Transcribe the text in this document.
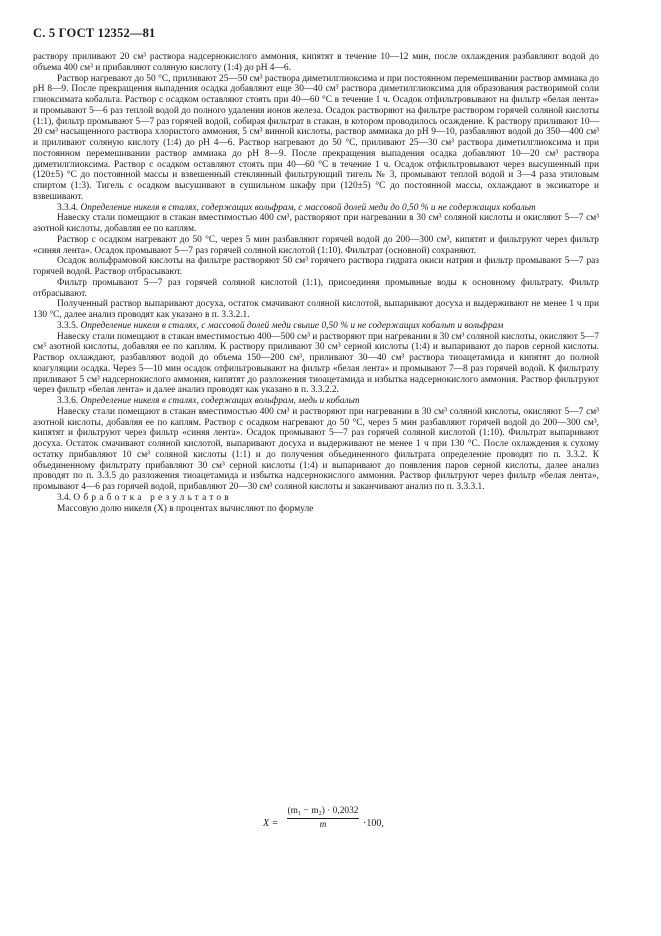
С. 5 ГОСТ 12352—81

раствору приливают 20 см³ раствора надсернокислого аммония, кипятят в течение 10—12 мин, после охлаждения разбавляют водой до объема 400 см³ и прибавляют соляную кислоту (1:4) до рН 4—6.

Раствор нагревают до 50 °С, приливают 25—50 см³ раствора диметилглиоксима и при постоянном перемешивании раствор аммиака до рН 8—9. После прекращения выпадения осадка добавляют еще 30—40 см³ раствора диметилглиоксима для образования растворимой соли глиоксимата кобальта. Раствор с осадком оставляют стоять при 40—60 °С в течение 1 ч. Осадок отфильтровывают на фильтр «белая лента» и промывают 5—6 раз теплой водой до полного удаления ионов железа. Осадок растворяют на фильтре раствором горячей соляной кислоты (1:1), фильтр промывают 5—7 раз горячей водой, собирая фильтрат в стакан, в котором проводилось осаждение. К раствору приливают 10—20 см³ насыщенного раствора хлористого аммония, 5 см³ винной кислоты, раствор аммиака до рН 9—10, разбавляют водой до 350—400 см³ и приливают соляную кислоту (1:4) до рН 4—6. Раствор нагревают до 50 °С, приливают 25—30 см³ раствора диметилглиоксима и при постоянном перемешивании раствор аммиака до рН 8—9. После прекращения выпадения осадка добавляют 10—20 см³ раствора диметилглиоксима. Раствор с осадком оставляют стоять при 40—60 °С в течение 1 ч. Осадок отфильтровывают через высушенный при (120±5) °С до постоянной массы и взвешенный стеклянный фильтрующий тигель № 3, промывают теплой водой и 3—4 раза этиловым спиртом (1:3). Тигель с осадком высушивают в сушильном шкафу при (120±5) °С до постоянной массы, охлаждают в эксикаторе и взвешивают.

3.3.4. Определение никеля в сталях, содержащих вольфрам, с массовой долей меди до 0,50 % и не содержащих кобальт

Навеску стали помещают в стакан вместимостью 400 см³, растворяют при нагревании в 30 см³ соляной кислоты и окисляют 5—7 см³ азотной кислоты, добавляя ее по каплям.

Раствор с осадком нагревают до 50 °С, через 5 мин разбавляют горячей водой до 200—300 см³, кипятят и фильтруют через фильтр «синяя лента». Осадок промывают 5—7 раз горячей соляной кислотой (1:10). Фильтрат (основной) сохраняют.

Осадок вольфрамовой кислоты на фильтре растворяют 50 см³ горячего раствора гидрата окиси натрия и фильтр промывают 5—7 раз горячей водой. Раствор отбрасывают.

Фильтр промывают 5—7 раз горячей соляной кислотой (1:1), присоединяя промывные воды к основному фильтрату. Фильтр отбрасывают.

Полученный раствор выпаривают досуха, остаток смачивают соляной кислотой, выпаривают досуха и выдерживают не менее 1 ч при 130 °С, далее анализ проводят как указано в п. 3.3.2.1.

3.3.5. Определение никеля в сталях, с массовой долей меди свыше 0,50 % и не содержащих кобальт и вольфрам

Навеску стали помещают в стакан вместимостью 400—500 см³ и растворяют при нагревании в 30 см³ соляной кислоты, окисляют 5—7 см³ азотной кислоты, добавляя ее по каплям. К раствору приливают 30 см³ серной кислоты (1:4) и выпаривают до паров серной кислоты. Раствор охлаждают, разбавляют водой до объема 150—200 см³, приливают 30—40 см³ раствора тиоацетамида и кипятят до полной коагуляции осадка. Через 5—10 мин осадок отфильтровывают на фильтр «белая лента» и промывают 7—8 раз горячей водой. К фильтрату приливают 5 см³ надсернокислого аммония, кипятят до разложения тиоацетамида и избытка надсернокислого аммония. Раствор фильтруют через фильтр «белая лента» и далее анализ проводят как указано в п. 3.3.2.2.

3.3.6. Определение никеля в сталях, содержащих вольфрам, медь и кобальт

Навеску стали помещают в стакан вместимостью 400 см³ и растворяют при нагревании в 30 см³ соляной кислоты, окисляют 5—7 см³ азотной кислоты, добавляя ее по каплям. Раствор с осадком нагревают до 50 °С, через 5 мин разбавляют горячей водой до 200—300 см³, кипятят и фильтруют через фильтр «синяя лента». Осадок промывают 5—7 раз горячей соляной кислотой (1:10). Фильтрат выпаривают досуха. Остаток смачивают соляной кислотой, выпаривают досуха и выдерживают не менее 1 ч при 130 °С. После охлаждения к сухому остатку прибавляют 10 см³ соляной кислоты (1:1) и до получения объединенного фильтрата определение проводят по п. 3.3.2. К объединенному фильтрату прибавляют 30 см³ серной кислоты (1:4) и выпаривают до появления паров серной кислоты, далее анализ проводят по п. 3.3.5 до разложения тиоацетамида и избытка надсернокислого аммония. Раствор фильтруют через фильтр «белая лента», промывают 4—6 раз горячей водой, прибавляют 20—30 см³ соляной кислоты и заканчивают анализ по п. 3.3.3.1.

3.4. Обработка результатов

Массовую долю никеля (X) в процентах вычисляют по формуле

X =
(m₁ − m₂) · 0,2032
m	·100,
